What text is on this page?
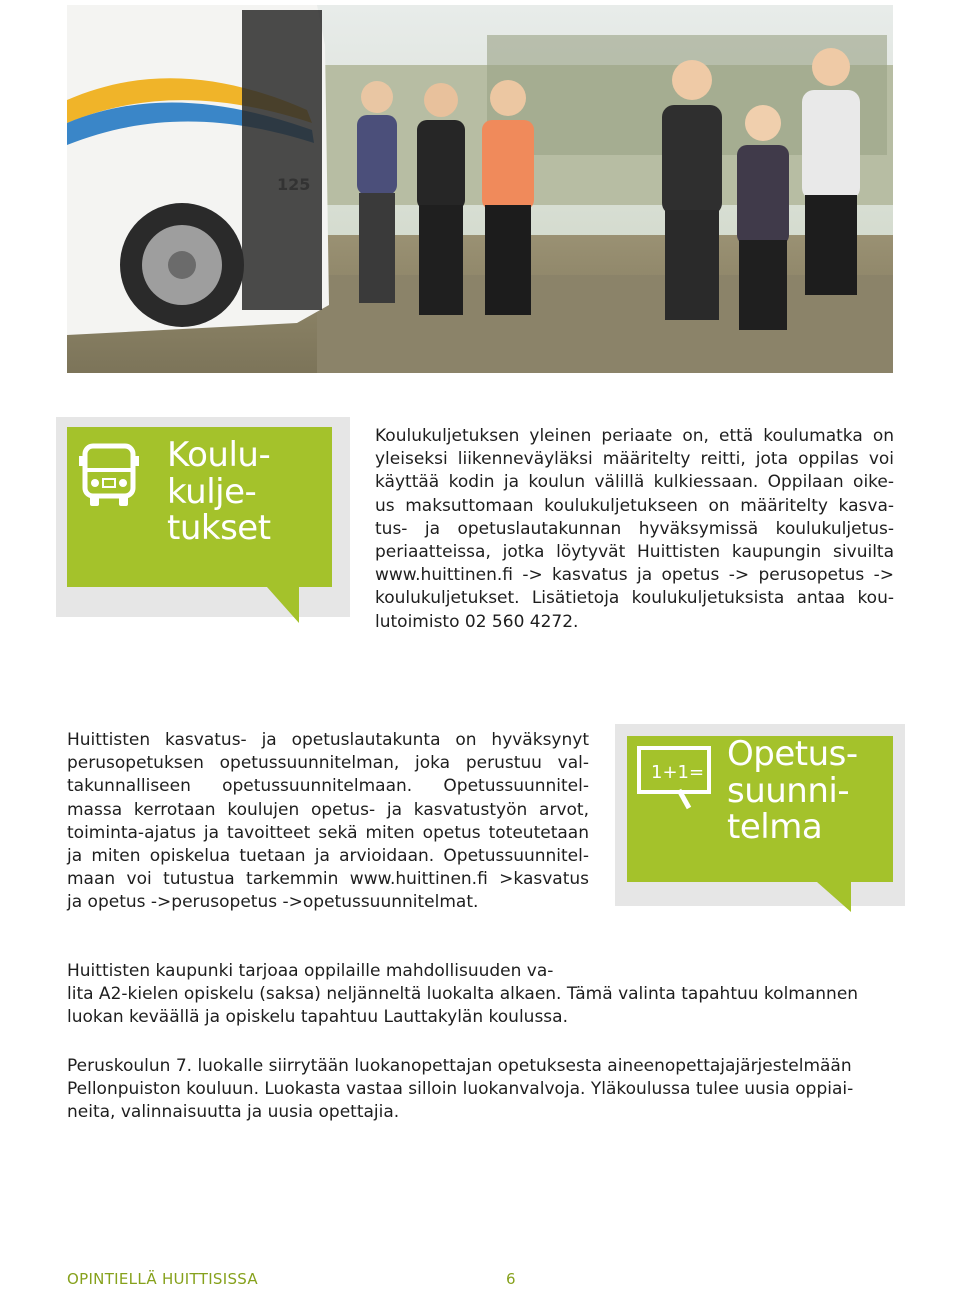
125
Koulu-
kulje-
tukset
Koulukuljetuksen yleinen periaate on, että koulumatka on
yleiseksi liikenneväyläksi määritelty reitti, jota oppilas voi
käyttää kodin ja koulun välillä kulkiessaan. Oppilaan oike-
us maksuttomaan koulukuljetukseen on määritelty kasva-
tus- ja opetuslautakunnan hyväksymissä koulukuljetus-
periaatteissa, jotka löytyvät Huittisten kaupungin sivuilta
www.huittinen.fi -> kasvatus ja opetus -> perusopetus ->
koulukuljetukset. Lisätietoja koulukuljetuksista antaa kou-
lutoimisto 02 560 4272.
Huittisten kasvatus- ja opetuslautakunta on hyväksynyt
perusopetuksen opetussuunnitelman, joka perustuu val-
takunnalliseen opetussuunnitelmaan. Opetussuunnitel-
massa kerrotaan koulujen opetus- ja kasvatustyön arvot,
toiminta-ajatus ja tavoitteet sekä miten opetus toteutetaan
ja miten opiskelua tuetaan ja arvioidaan. Opetussuunnitel-
maan voi tutustua tarkemmin www.huittinen.fi >kasvatus
ja opetus ->perusopetus ->opetussuunnitelmat.
1+1= Opetus-
suunni-
telma
Huittisten kaupunki tarjoaa oppilaille mahdollisuuden va-
lita A2-kielen opiskelu (saksa) neljänneltä luokalta alkaen. Tämä valinta tapahtuu kolmannen
luokan keväällä ja opiskelu tapahtuu Lauttakylän koulussa.
Peruskoulun 7. luokalle siirrytään luokanopettajan opetuksesta aineenopettajajärjestelmään
Pellonpuiston kouluun. Luokasta vastaa silloin luokanvalvoja. Yläkoulussa tulee uusia oppiai-
neita, valinnaisuutta ja uusia opettajia.
OPINTIELLÄ HUITTISISSA	6
